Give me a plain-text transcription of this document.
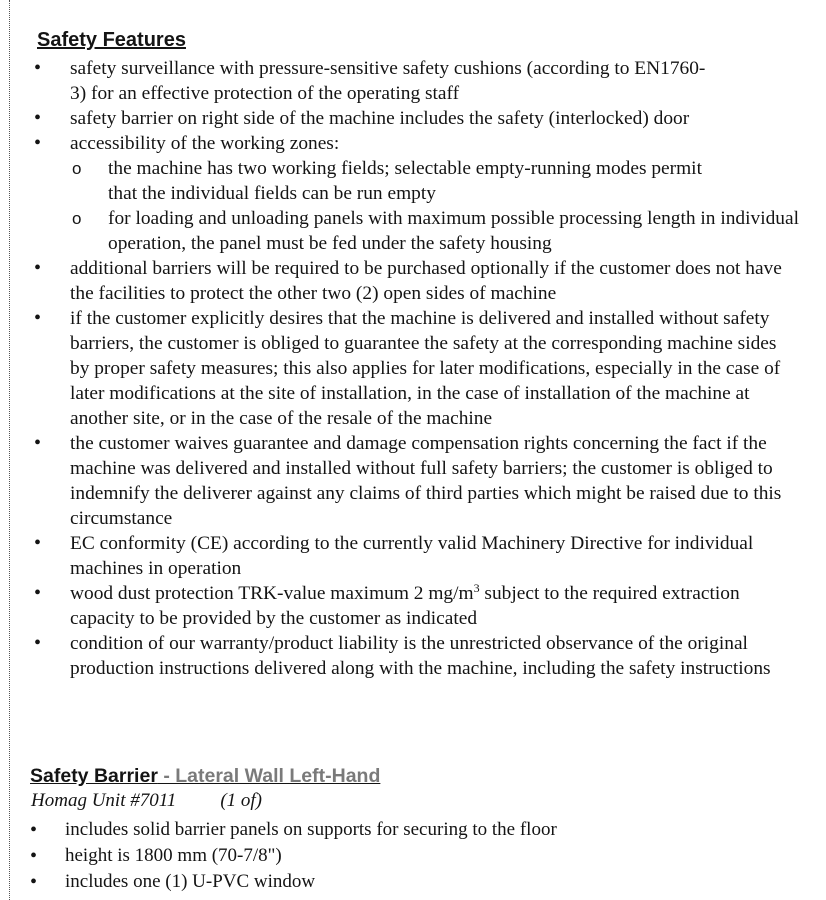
Safety Features
• safety surveillance with pressure-sensitive safety cushions (according to EN1760-3) for an effective protection of the operating staff
• safety barrier on right side of the machine includes the safety (interlocked) door
• accessibility of the working zones:
o the machine has two working fields; selectable empty-running modes permit that the individual fields can be run empty
o for loading and unloading panels with maximum possible processing length in individual operation, the panel must be fed under the safety housing
• additional barriers will be required to be purchased optionally if the customer does not have the facilities to protect the other two (2) open sides of machine
• if the customer explicitly desires that the machine is delivered and installed without safety barriers, the customer is obliged to guarantee the safety at the corresponding machine sides by proper safety measures; this also applies for later modifications, especially in the case of later modifications at the site of installation, in the case of installation of the machine at another site, or in the case of the resale of the machine
• the customer waives guarantee and damage compensation rights concerning the fact if the machine was delivered and installed without full safety barriers; the customer is obliged to indemnify the deliverer against any claims of third parties which might be raised due to this circumstance
• EC conformity (CE) according to the currently valid Machinery Directive for individual machines in operation
• wood dust protection TRK-value maximum 2 $mg/m^3$ subject to the required extraction capacity to be provided by the customer as indicated
• condition of our warranty/product liability is the unrestricted observance of the original production instructions delivered along with the machine, including the safety instructions
Safety Barrier - Lateral Wall Left-Hand
Homag Unit #7011 (1 of)
• includes solid barrier panels on supports for securing to the floor
• height is 1800 mm (70-7/8")
• includes one (1) U-PVC window
